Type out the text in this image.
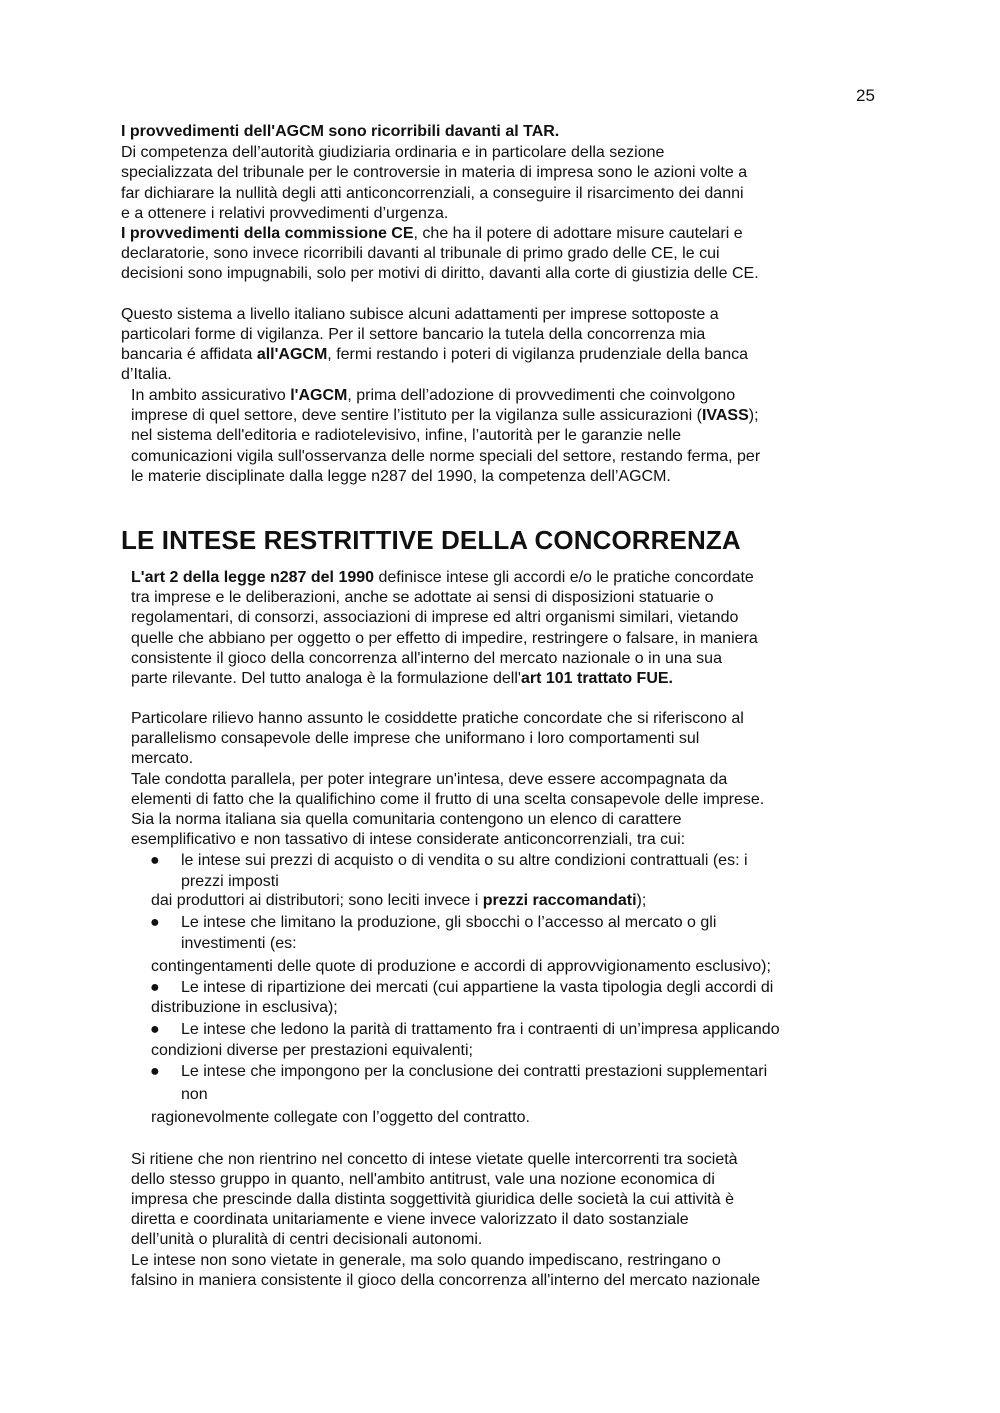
25
I provvedimenti dell'AGCM sono ricorribili davanti al TAR.
Di competenza dell’autorità giudiziaria ordinaria e in particolare della sezione
specializzata del tribunale per le controversie in materia di impresa sono le azioni volte a
far dichiarare la nullità degli atti anticoncorrenziali, a conseguire il risarcimento dei danni
e a ottenere i relativi provvedimenti d’urgenza.
I provvedimenti della commissione CE, che ha il potere di adottare misure cautelari e
declaratorie, sono invece ricorribili davanti al tribunale di primo grado delle CE, le cui
decisioni sono impugnabili, solo per motivi di diritto, davanti alla corte di giustizia delle CE.
Questo sistema a livello italiano subisce alcuni adattamenti per imprese sottoposte a
particolari forme di vigilanza. Per il settore bancario la tutela della concorrenza mia
bancaria é affidata all'AGCM, fermi restando i poteri di vigilanza prudenziale della banca
d’Italia.
In ambito assicurativo l'AGCM, prima dell’adozione di provvedimenti che coinvolgono
imprese di quel settore, deve sentire l’istituto per la vigilanza sulle assicurazioni (IVASS);
nel sistema dell'editoria e radiotelevisivo, infine, l’autorità per le garanzie nelle
comunicazioni vigila sull'osservanza delle norme speciali del settore, restando ferma, per
le materie disciplinate dalla legge n287 del 1990, la competenza dell’AGCM.
LE INTESE RESTRITTIVE DELLA CONCORRENZA
L'art 2 della legge n287 del 1990 definisce intese gli accordi e/o le pratiche concordate
tra imprese e le deliberazioni, anche se adottate ai sensi di disposizioni statuarie o
regolamentari, di consorzi, associazioni di imprese ed altri organismi similari, vietando
quelle che abbiano per oggetto o per effetto di impedire, restringere o falsare, in maniera
consistente il gioco della concorrenza all'interno del mercato nazionale o in una sua
parte rilevante. Del tutto analoga è la formulazione dell'art 101 trattato FUE.
Particolare rilievo hanno assunto le cosiddette pratiche concordate che si riferiscono al
parallelismo consapevole delle imprese che uniformano i loro comportamenti sul
mercato.
Tale condotta parallela, per poter integrare un'intesa, deve essere accompagnata da
elementi di fatto che la qualifichino come il frutto di una scelta consapevole delle imprese.
Sia la norma italiana sia quella comunitaria contengono un elenco di carattere
esemplificativo e non tassativo di intese considerate anticoncorrenziali, tra cui:
● le intese sui prezzi di acquisto o di vendita o su altre condizioni contrattuali (es: i
prezzi imposti
dai produttori ai distributori; sono leciti invece i prezzi raccomandati);
● Le intese che limitano la produzione, gli sbocchi o l’accesso al mercato o gli
investimenti (es:
contingentamenti delle quote di produzione e accordi di approvvigionamento esclusivo);
● Le intese di ripartizione dei mercati (cui appartiene la vasta tipologia degli accordi di
distribuzione in esclusiva);
● Le intese che ledono la parità di trattamento fra i contraenti di un’impresa applicando
condizioni diverse per prestazioni equivalenti;
● Le intese che impongono per la conclusione dei contratti prestazioni supplementari
non
ragionevolmente collegate con l’oggetto del contratto.
Si ritiene che non rientrino nel concetto di intese vietate quelle intercorrenti tra società
dello stesso gruppo in quanto, nell'ambito antitrust, vale una nozione economica di
impresa che prescinde dalla distinta soggettività giuridica delle società la cui attività è
diretta e coordinata unitariamente e viene invece valorizzato il dato sostanziale
dell’unità o pluralità di centri decisionali autonomi.
Le intese non sono vietate in generale, ma solo quando impediscano, restringano o
falsino in maniera consistente il gioco della concorrenza all'interno del mercato nazionale
